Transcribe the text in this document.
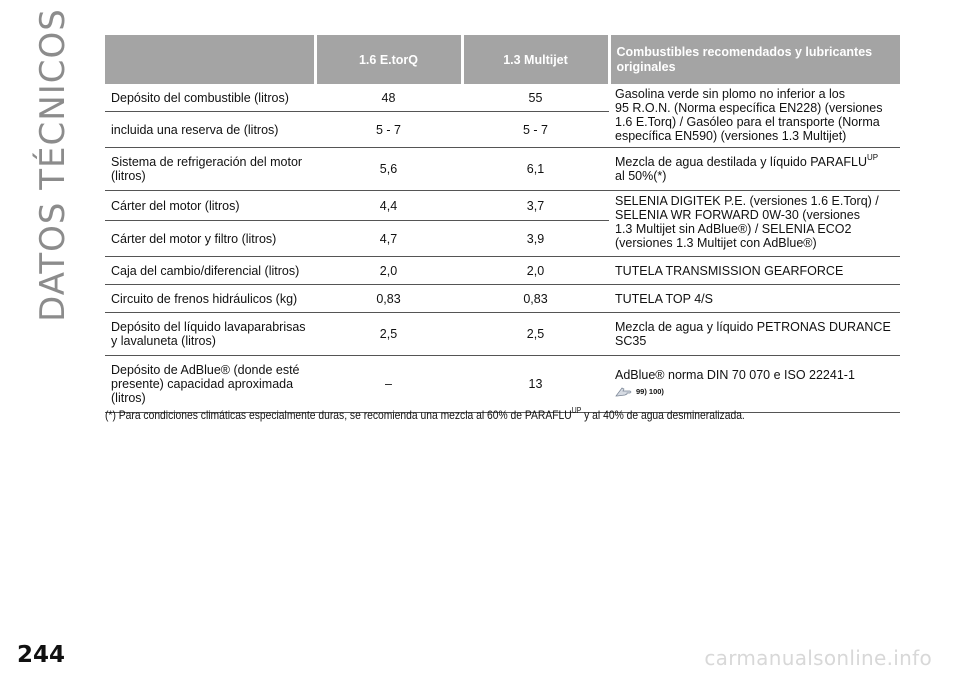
DATOS TÉCNICOS
		1.6 E.torQ	1.3 Multijet	Combustibles recomendados y lubricantes
originales
Depósito del combustible (litros)	48	55	Gasolina verde sin plomo no inferior a los
95 R.O.N. (Norma específica EN228) (versiones
1.6 E.Torq) / Gasóleo para el transporte (Norma
específica EN590) (versiones 1.3 Multijet)
incluida una reserva de (litros)	5 - 7	5 - 7	
Sistema de refrigeración del motor
(litros)	5,6	6,1	Mezcla de agua destilada y líquido $PARAFLU^{UP}$
al 50%(*)
Cárter del motor (litros)	4,4	3,7	SELENIA DIGITEK P.E. (versiones 1.6 E.Torq) /
SELENIA WR FORWARD 0W-30 (versiones
1.3 Multijet sin AdBlue®) / SELENIA ECO2
(versiones 1.3 Multijet con AdBlue®)
Cárter del motor y filtro (litros)	4,7	3,9	
Caja del cambio/diferencial (litros)	2,0	2,0	TUTELA TRANSMISSION GEARFORCE
Circuito de frenos hidráulicos (kg)	0,83	0,83	TUTELA TOP 4/S
Depósito del líquido lavaparabrisas
y lavaluneta (litros)	2,5	2,5	Mezcla de agua y líquido PETRONAS DURANCE
SC35
Depósito de AdBlue® (donde esté
presente) capacidad aproximada
(litros)	–	13	AdBlue® norma DIN 70 070 e ISO 22241-1

99) 100)
(*) Para condiciones climáticas especialmente duras, se recomienda una mezcla al 60% de $PARAFLU^{UP}$ y al 40% de agua desmineralizada.
244	carmanualsonline.info
